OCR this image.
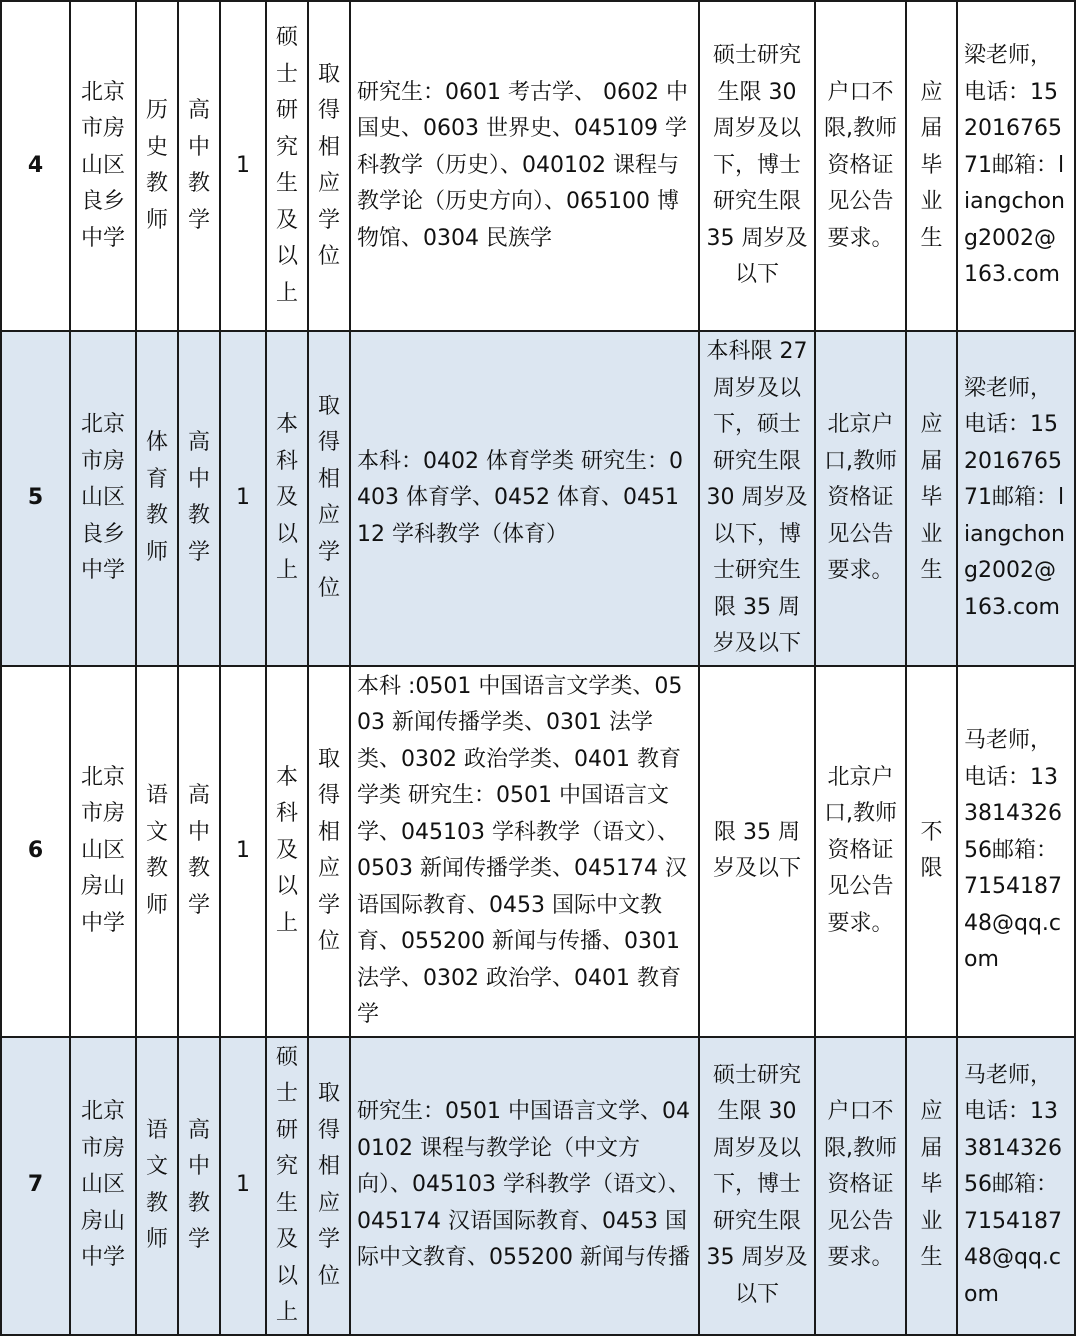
4	北京市房山区良乡中学	历史教师	高中教学	1	硕士研究生及以上	取得相应学位	研究生：0601 考古学、 0602 中国史、0603 世界史、045109 学科教学（历史）、040102 课程与教学论（历史方向）、065100 博物馆、0304 民族学	硕士研究生限 30 周岁及以下，博士研究生限 35 周岁及以下	户口不限,教师资格证见公告要求。	应届毕业生	梁老师，电话：15201676571邮箱：liangchong2002@163.com
5	北京市房山区良乡中学	体育教师	高中教学	1	本科及以上	取得相应学位	本科：0402 体育学类 研究生：0403 体育学、0452 体育、045112 学科教学（体育）	本科限 27 周岁及以下，硕士研究生限 30 周岁及以下，博士研究生限 35 周岁及以下	北京户口,教师资格证见公告要求。	应届毕业生	梁老师，电话：15201676571邮箱：liangchong2002@163.com
6	北京市房山区房山中学	语文教师	高中教学	1	本科及以上	取得相应学位	本科 :0501 中国语言文学类、0503 新闻传播学类、0301 法学类、0302 政治学类、0401 教育学类 研究生：0501 中国语言文学、045103 学科教学（语文）、0503 新闻传播学类、045174 汉语国际教育、0453 国际中文教育、055200 新闻与传播、0301 法学、0302 政治学、0401 教育学	限 35 周岁及以下	北京户口,教师资格证见公告要求。	不限	马老师，电话：13381432656邮箱：715418748@qq.com
7	北京市房山区房山中学	语文教师	高中教学	1	硕士研究生及以上	取得相应学位	研究生：0501 中国语言文学、040102 课程与教学论（中文方向）、045103 学科教学（语文）、045174 汉语国际教育、0453 国际中文教育、055200 新闻与传播	硕士研究生限 30 周岁及以下，博士研究生限 35 周岁及以下	户口不限,教师资格证见公告要求。	应届毕业生	马老师，电话：13381432656邮箱：715418748@qq.com
